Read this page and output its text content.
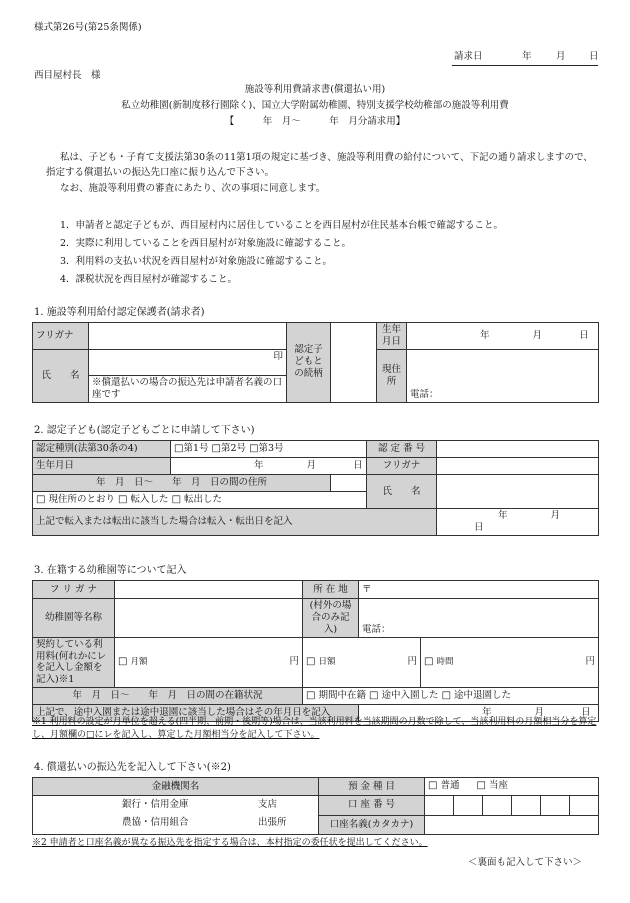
様式第26号(第25条関係)
請求日	年	月 日
西目屋村長　様
施設等利用費請求書(償還払い用)
私立幼稚園(新制度移行園除く)、国立大学附属幼稚園、特別支援学校幼稚部の施設等利用費
【　　　年　月～　　　年　月分請求用】
私は、子ども・子育て支援法第30条の11第1項の規定に基づき、施設等利用費の給付について、下記の通り請求しますので、指定する償還払いの振込先口座に振り込んで下さい。
なお、施設等利用費の審査にあたり、次の事項に同意します。
1．申請者と認定子どもが、西目屋村内に居住していることを西目屋村が住民基本台帳で確認すること。
2．実際に利用していることを西目屋村が対象施設に確認すること。
3．利用料の支払い状況を西目屋村が対象施設に確認すること。
4．課税状況を西目屋村が確認すること。
1. 施設等利用給付認定保護者(請求者)
フリガナ		認定子どもとの続柄		生年月日	年 月 日
氏　　名	印			現住所	電話：
	※償還払いの場合の振込先は申請者名義の口座です				
2. 認定子ども(認定子どもごとに申請して下さい)
認定種別(法第30条の4)	□第1号 □第2号 □第3号		認 定 番 号	
生年月日	年 月 日		フリガナ	
年　月　日～　　年　月　日の間の住所			氏　　名	
□ 現住所のとおり □ 転入した □ 転出した				
上記で転入または転出に該当した場合は転入・転出日を記入				年 月 日
3. 在籍する幼稚園等について記入
フ リ ガ ナ		所 在 地	〒	
幼稚園等名称		(村外の場合のみ記入)	電話：	
契約している利用料(何れかにレを記入し金額を記入)※1	□ 月額 円	□ 日額 円		□ 時間 円

年　月　日～　　年　月　日の間の在籍状況		□ 期間中在籍 □ 途中入園した □ 途中退園した		
上記で、途中入園または途中退園に該当した場合はその年月日を記入			年 月 日	
※1 利用料の設定が月単位を超える(四半期、前期・後期等)場合は、当該利用料を当該期間の月数で除して、当該利用料の月額相当分を算定し、月額欄の□にレを記入し、算定した月額相当分を記入して下さい。
4. 償還払いの振込先を記入して下さい(※2)
金融機関名	預 金 種 目	□ 普通 □ 当座					

銀行・信用金庫 支店
農協・信用組合 出張所	口 座 番 号						
	口座名義(カタカナ)						
※2 申請者と口座名義が異なる振込先を指定する場合は、本村指定の委任状を提出してください。
＜裏面も記入して下さい＞
